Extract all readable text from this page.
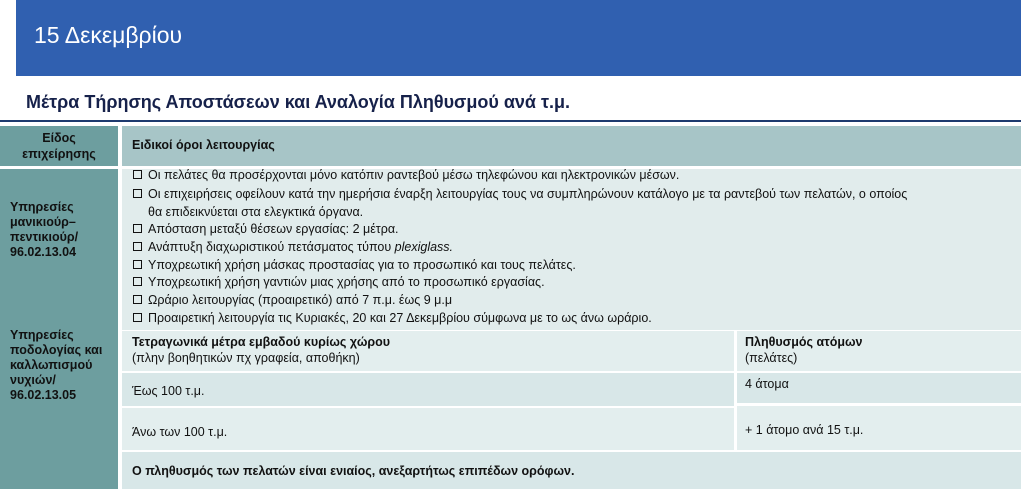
15 Δεκεμβρίου
Μέτρα Τήρησης Αποστάσεων και Αναλογία Πληθυσμού ανά τ.μ.
Είδος
επιχείρησης
Ειδικοί όροι λειτουργίας
Υπηρεσίες
μανικιούρ–
πεντικιούρ/
96.02.13.04
Υπηρεσίες
ποδολογίας και
καλλωπισμού
νυχιών/
96.02.13.05
Οι πελάτες θα προσέρχονται μόνο κατόπιν ραντεβού μέσω τηλεφώνου και ηλεκτρονικών μέσων.
Οι επιχειρήσεις οφείλουν κατά την ημερήσια έναρξη λειτουργίας τους να συμπληρώνουν κατάλογο με τα ραντεβού των πελατών, ο οποίος
θα επιδεικνύεται στα ελεγκτικά όργανα.
Απόσταση μεταξύ θέσεων εργασίας: 2 μέτρα.
Ανάπτυξη διαχωριστικού πετάσματος τύπου plexiglass.
Υποχρεωτική χρήση μάσκας προστασίας για το προσωπικό και τους πελάτες.
Υποχρεωτική χρήση γαντιών μιας χρήσης από το προσωπικό εργασίας.
Ωράριο λειτουργίας (προαιρετικό) από 7 π.μ. έως 9 μ.μ
Προαιρετική λειτουργία τις Κυριακές, 20 και 27 Δεκεμβρίου σύμφωνα με το ως άνω ωράριο.
Τετραγωνικά μέτρα εμβαδού κυρίως χώρου
(πλην βοηθητικών πχ γραφεία, αποθήκη)
Πληθυσμός ατόμων
(πελάτες)
Έως 100 τ.μ.	4 άτομα
Άνω των 100 τ.μ.	+ 1 άτομο ανά 15 τ.μ.
Ο πληθυσμός των πελατών είναι ενιαίος, ανεξαρτήτως επιπέδων ορόφων.
